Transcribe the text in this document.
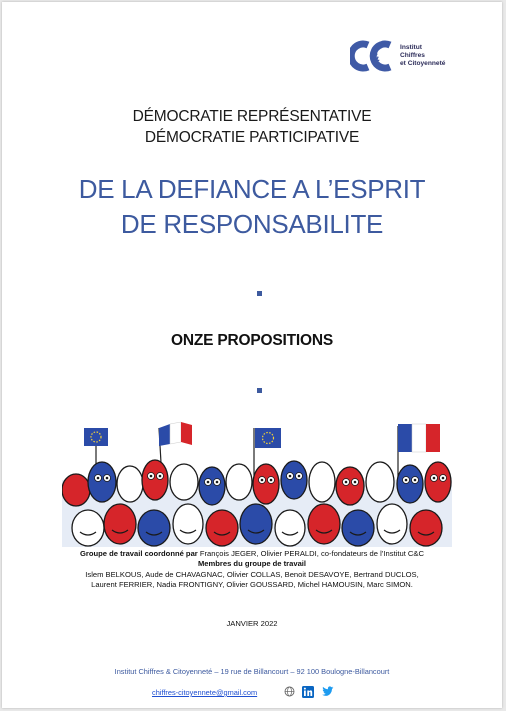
&
Institut
Chiffres
et Citoyenneté
DÉMOCRATIE REPRÉSENTATIVE
DÉMOCRATIE PARTICIPATIVE
DE LA DEFIANCE A L’ESPRIT
DE RESPONSABILITE
ONZE PROPOSITIONS
Groupe de travail coordonné par François JEGER, Olivier PERALDI, co-fondateurs de l’Institut C&C
Membres du groupe de travail
Islem BELKOUS, Aude de CHAVAGNAC, Olivier COLLAS, Benoit DESAVOYE, Bertrand DUCLOS,
Laurent FERRIER, Nadia FRONTIGNY, Olivier GOUSSARD, Michel HAMOUSIN, Marc SIMON.
JANVIER 2022
Institut Chiffres & Citoyenneté – 19 rue de Billancourt – 92 100 Boulogne-Billancourt
chiffres-citoyennete@gmail.com
